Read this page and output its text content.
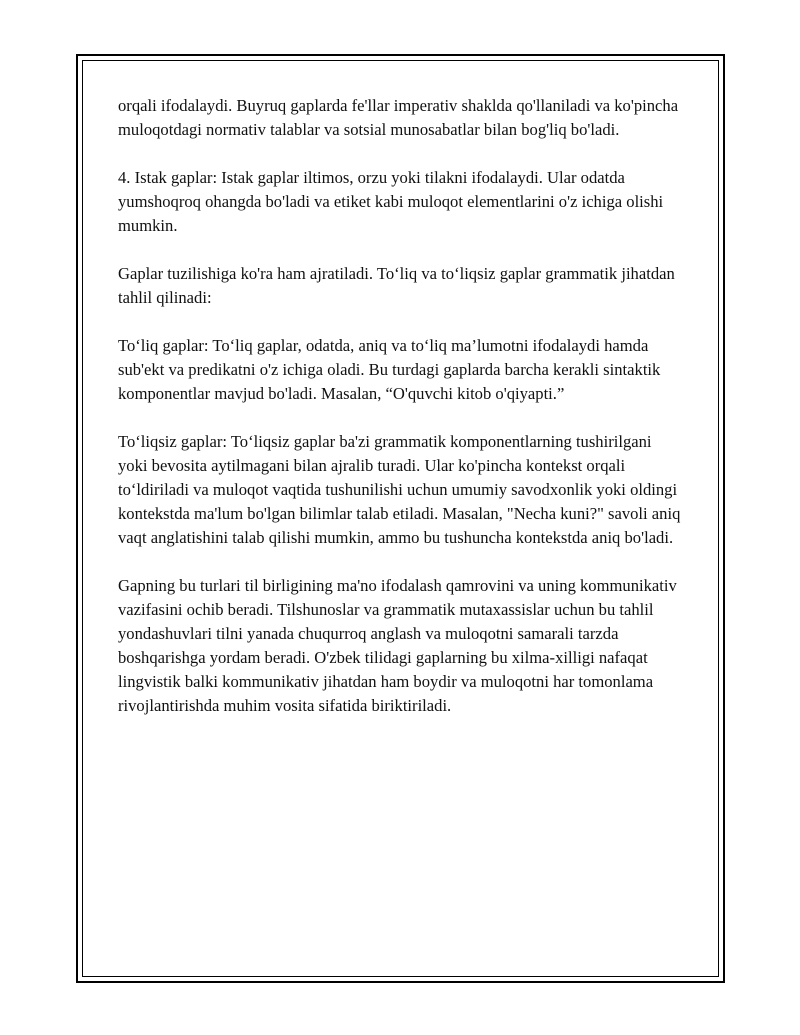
orqali ifodalaydi. Buyruq gaplarda fe'llar imperativ shaklda qo'llaniladi va ko'pincha muloqotdagi normativ talablar va sotsial munosabatlar bilan bog'liq bo'ladi.

4. Istak gaplar: Istak gaplar iltimos, orzu yoki tilakni ifodalaydi. Ular odatda yumshoqroq ohangda bo'ladi va etiket kabi muloqot elementlarini o'z ichiga olishi mumkin.

Gaplar tuzilishiga ko'ra ham ajratiladi. To‘liq va to‘liqsiz gaplar grammatik jihatdan tahlil qilinadi:

To‘liq gaplar: To‘liq gaplar, odatda, aniq va to‘liq ma’lumotni ifodalaydi hamda sub'ekt va predikatni o'z ichiga oladi. Bu turdagi gaplarda barcha kerakli sintaktik komponentlar mavjud bo'ladi. Masalan, “O'quvchi kitob o'qiyapti.”

To‘liqsiz gaplar: To‘liqsiz gaplar ba'zi grammatik komponentlarning tushirilgani yoki bevosita aytilmagani bilan ajralib turadi. Ular ko'pincha kontekst orqali to‘ldiriladi va muloqot vaqtida tushunilishi uchun umumiy savodxonlik yoki oldingi kontekstda ma'lum bo'lgan bilimlar talab etiladi. Masalan, "Necha kuni?" savoli aniq vaqt anglatishini talab qilishi mumkin, ammo bu tushuncha kontekstda aniq bo'ladi.

Gapning bu turlari til birligining ma'no ifodalash qamrovini va uning kommunikativ vazifasini ochib beradi. Tilshunoslar va grammatik mutaxassislar uchun bu tahlil yondashuvlari tilni yanada chuqurroq anglash va muloqotni samarali tarzda boshqarishga yordam beradi. O'zbek tilidagi gaplarning bu xilma-xilligi nafaqat lingvistik balki kommunikativ jihatdan ham boydir va muloqotni har tomonlama rivojlantirishda muhim vosita sifatida biriktiriladi.
